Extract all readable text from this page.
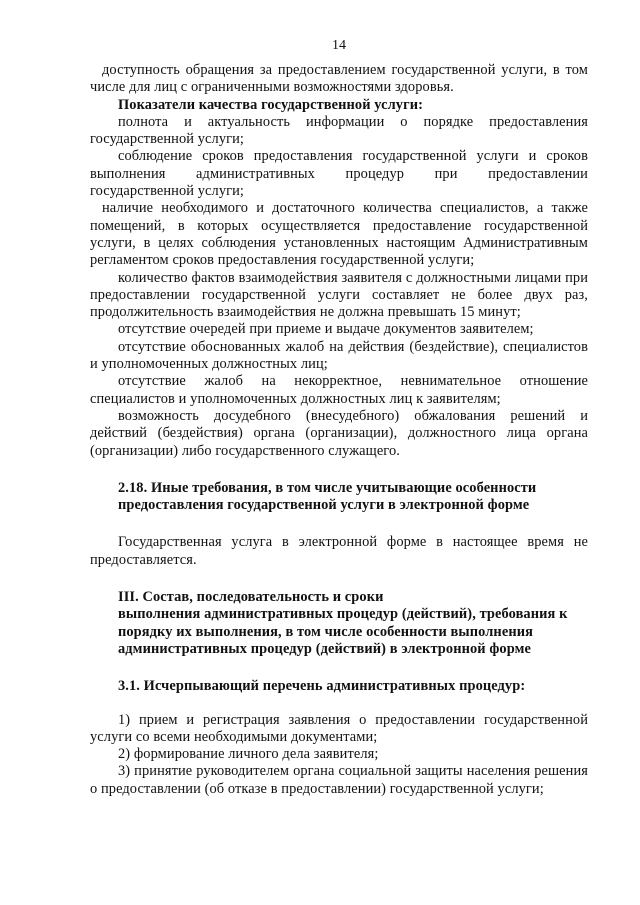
14

доступность обращения за предоставлением государственной услуги, в том числе для лиц с ограниченными возможностями здоровья.

Показатели качества государственной услуги:

полнота и актуальность информации о порядке предоставления государственной услуги;

соблюдение сроков предоставления государственной услуги и сроков выполнения административных процедур при предоставлении государственной услуги;

наличие необходимого и достаточного количества специалистов, а также помещений, в которых осуществляется предоставление государственной услуги, в целях соблюдения установленных настоящим Административным регламентом сроков предоставления государственной услуги;

количество фактов взаимодействия заявителя с должностными лицами при предоставлении государственной услуги составляет не более двух раз, продолжительность взаимодействия не должна превышать 15 минут;

отсутствие очередей при приеме и выдаче документов заявителем;

отсутствие обоснованных жалоб на действия (бездействие), специалистов и уполномоченных должностных лиц;

отсутствие жалоб на некорректное, невнимательное отношение специалистов и уполномоченных должностных лиц к заявителям;

возможность досудебного (внесудебного) обжалования решений и действий (бездействия) органа (организации), должностного лица органа (организации) либо государственного служащего.

2.18. Иные требования, в том числе учитывающие особенности

предоставления государственной услуги в электронной форме

Государственная услуга в электронной форме в настоящее время не предоставляется.

III. Состав, последовательность и сроки

выполнения административных процедур (действий), требования к

порядку их выполнения, в том числе особенности выполнения

административных процедур (действий) в электронной форме

3.1. Исчерпывающий перечень административных процедур:

1) прием и регистрация заявления о предоставлении государственной услуги со всеми необходимыми документами;

2) формирование личного дела заявителя;

3) принятие руководителем органа социальной защиты населения решения о предоставлении (об отказе в предоставлении) государственной услуги;
